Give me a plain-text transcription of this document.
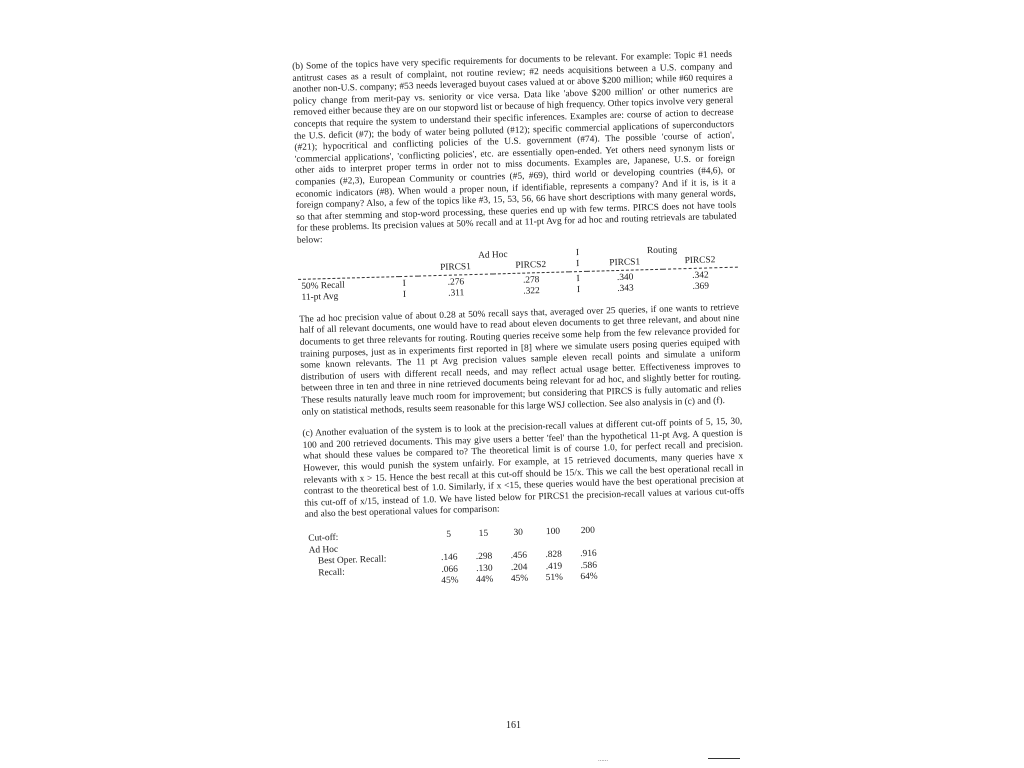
(b) Some of the topics have very specific requirements for documents to be relevant. For example: Topic #1 needs antitrust cases as a result of complaint, not routine review; #2 needs acquisitions between a U.S. company and another non-U.S. company; #53 needs leveraged buyout cases valued at or above $200 million; while #60 requires a policy change from merit-pay vs. seniority or vice versa. Data like 'above $200 million' or other numerics are removed either because they are on our stopword list or because of high frequency. Other topics involve very general concepts that require the system to understand their specific inferences. Examples are: course of action to decrease the U.S. deficit (#7); the body of water being polluted (#12); specific commercial applications of superconductors (#21); hypocritical and conflicting policies of the U.S. government (#74). The possible 'course of action', 'commercial applications', 'conflicting policies', etc. are essentially open-ended. Yet others need synonym lists or other aids to interpret proper terms in order not to miss documents. Examples are, Japanese, U.S. or foreign companies (#2,3), European Community or countries (#5, #69), third world or developing countries (#4,6), or economic indicators (#8). When would a proper noun, if identifiable, represents a company? And if it is, is it a foreign company? Also, a few of the topics like #3, 15, 53, 56, 66 have short descriptions with many general words, so that after stemming and stop-word processing, these queries end up with few terms. PIRCS does not have tools for these problems. Its precision values at 50% recall and at 11-pt Avg for ad hoc and routing retrievals are tabulated below:

		Ad Hoc		I	Routing	
		PIRCS1	PIRCS2	I	PIRCS1	PIRCS2

50% Recall	I	.276	.278	I	.340	.342
11-pt Avg	I	.311	.322	I	.343	.369

The ad hoc precision value of about 0.28 at 50% recall says that, averaged over 25 queries, if one wants to retrieve half of all relevant documents, one would have to read about eleven documents to get three relevant, and about nine documents to get three relevants for routing. Routing queries receive some help from the few relevance provided for training purposes, just as in experiments first reported in [8] where we simulate users posing queries equiped with some known relevants. The 11 pt Avg precision values sample eleven recall points and simulate a uniform distribution of users with different recall needs, and may reflect actual usage better. Effectiveness improves to between three in ten and three in nine retrieved documents being relevant for ad hoc, and slightly better for routing. These results naturally leave much room for improvement; but considering that PIRCS is fully automatic and relies only on statistical methods, results seem reasonable for this large WSJ collection. See also analysis in (c) and (f).

(c) Another evaluation of the system is to look at the precision-recall values at different cut-off points of 5, 15, 30, 100 and 200 retrieved documents. This may give users a better 'feel' than the hypothetical 11-pt Avg. A question is what should these values be compared to? The theoretical limit is of course 1.0, for perfect recall and precision. However, this would punish the system unfairly. For example, at 15 retrieved documents, many queries have x relevants with x > 15. Hence the best recall at this cut-off should be 15/x. This we call the best operational recall in contrast to the theoretical best of 1.0. Similarly, if x <15, these queries would have the best operational precision at this cut-off of x/15, instead of 1.0. We have listed below for PIRCS1 the precision-recall values at various cut-offs and also the best operational values for comparison:

Cut-off:	5	15	30	100	200
Ad Hoc					
Best Oper. Recall:	.146	.298	.456	.828	.916
Recall:	.066	.130	.204	.419	.586
	45%	44%	45%	51%	64%
161
......
